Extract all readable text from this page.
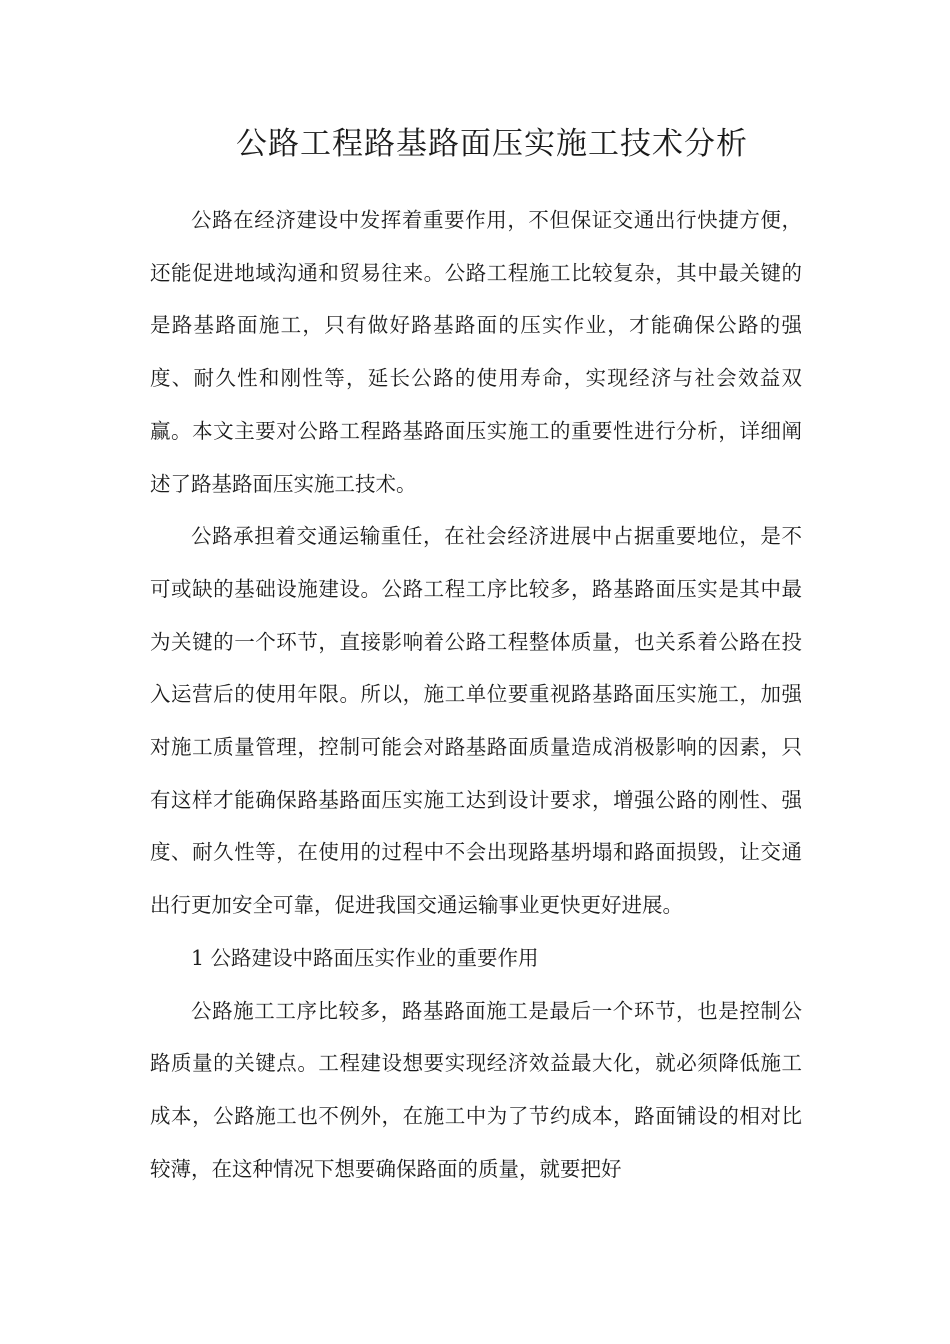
公路工程路基路面压实施工技术分析

公路在经济建设中发挥着重要作用，不但保证交通出行快捷方便，还能促进地域沟通和贸易往来。公路工程施工比较复杂，其中最关键的是路基路面施工，只有做好路基路面的压实作业，才能确保公路的强度、耐久性和刚性等，延长公路的使用寿命，实现经济与社会效益双赢。本文主要对公路工程路基路面压实施工的重要性进行分析，详细阐述了路基路面压实施工技术。

公路承担着交通运输重任，在社会经济进展中占据重要地位，是不可或缺的基础设施建设。公路工程工序比较多，路基路面压实是其中最为关键的一个环节，直接影响着公路工程整体质量，也关系着公路在投入运营后的使用年限。所以，施工单位要重视路基路面压实施工，加强对施工质量管理，控制可能会对路基路面质量造成消极影响的因素，只有这样才能确保路基路面压实施工达到设计要求，增强公路的刚性、强度、耐久性等，在使用的过程中不会出现路基坍塌和路面损毁，让交通出行更加安全可靠，促进我国交通运输事业更快更好进展。

1 公路建设中路面压实作业的重要作用

公路施工工序比较多，路基路面施工是最后一个环节，也是控制公路质量的关键点。工程建设想要实现经济效益最大化，就必须降低施工成本，公路施工也不例外，在施工中为了节约成本，路面铺设的相对比较薄，在这种情况下想要确保路面的质量，就要把好
